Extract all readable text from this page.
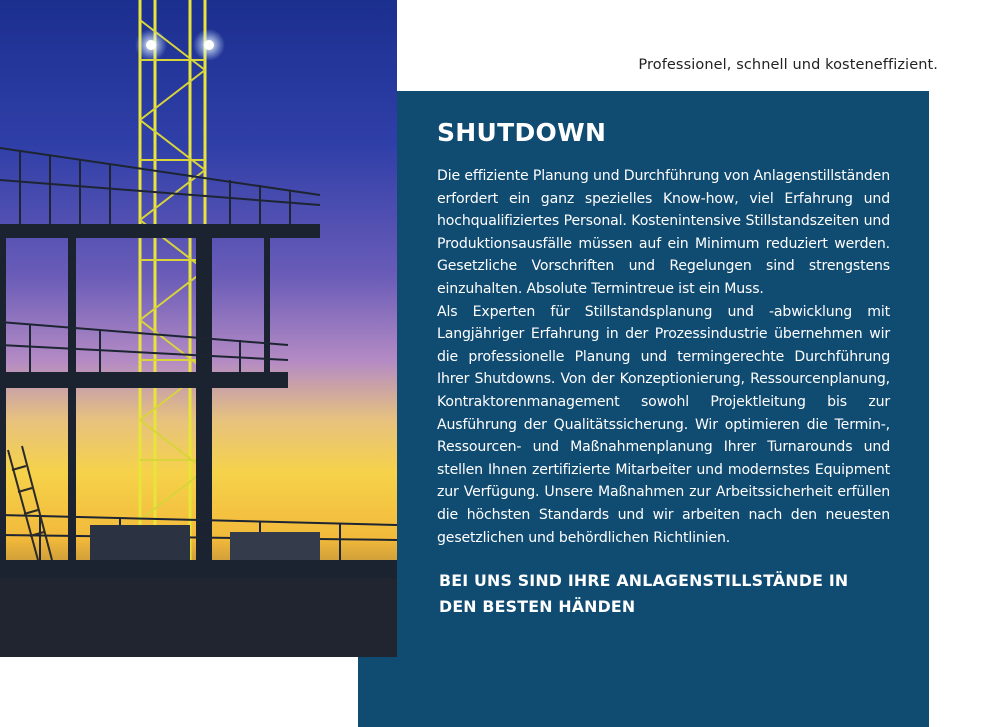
Professionel, schnell und kosteneffizient.
SHUTDOWN

Die effiziente Planung und Durchführung von Anlagenstillständen erfordert ein ganz spezielles Know-how, viel Erfahrung und hochqualifiziertes Personal. Kostenintensive Stillstandszeiten und Produktionsausfälle müssen auf ein Minimum reduziert werden. Gesetzliche Vorschriften und Regelungen sind strengstens einzuhalten. Absolute Termintreue ist ein Muss.

Als Experten für Stillstandsplanung und -abwicklung mit Langjähriger Erfahrung in der Prozessindustrie übernehmen wir die professionelle Planung und termingerechte Durchführung Ihrer Shutdowns. Von der Konzeptionierung, Ressourcenplanung, Kontraktorenmanagement sowohl Projektleitung bis zur Ausführung der Qualitätssicherung. Wir optimieren die Termin-, Ressourcen- und Maßnahmenplanung Ihrer Turnarounds und stellen Ihnen zertifizierte Mitarbeiter und modernstes Equipment zur Verfügung. Unsere Maßnahmen zur Arbeitssicherheit erfüllen die höchsten Standards und wir arbeiten nach den neuesten gesetzlichen und behördlichen Richtlinien.

BEI UNS SIND IHRE ANLAGENSTILLSTÄNDE IN DEN BESTEN HÄNDEN
